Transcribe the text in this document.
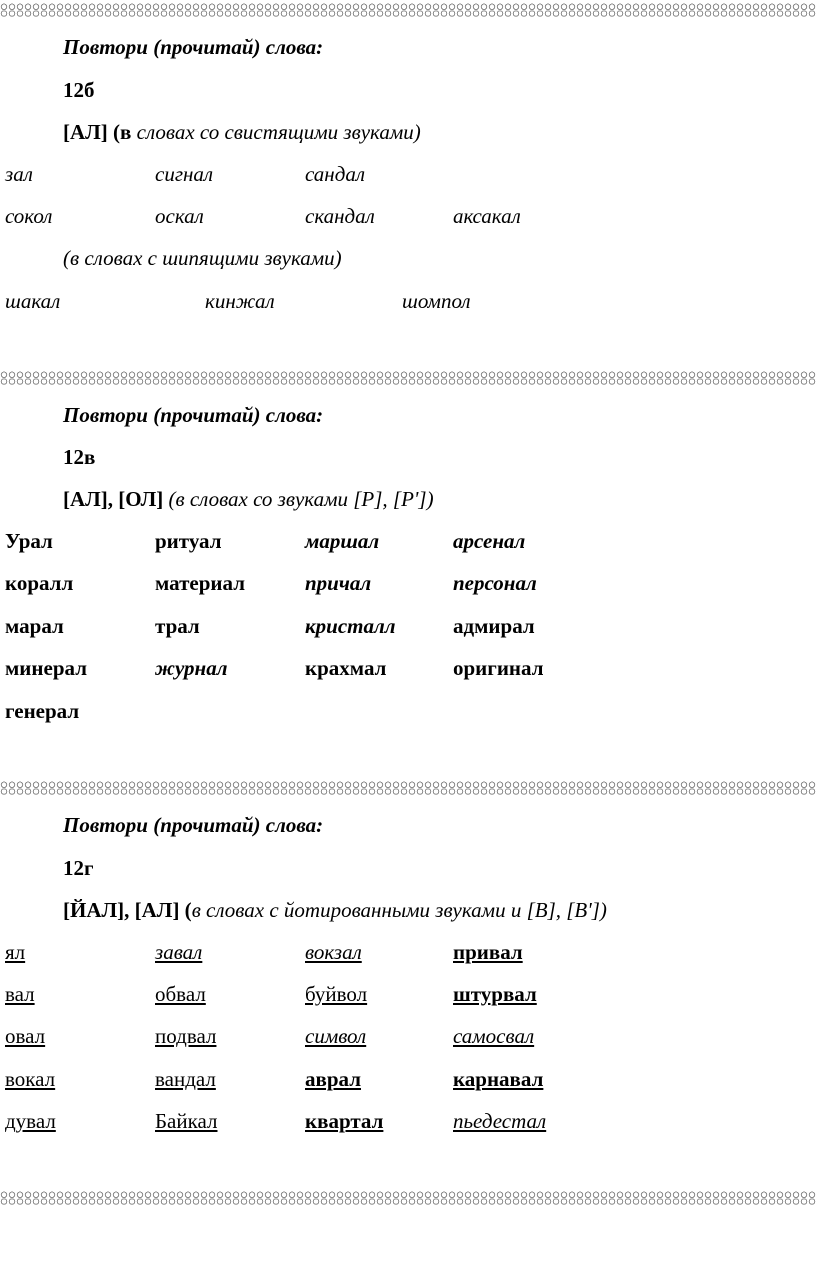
Повтори (прочитай) слова:
12б
[АЛ] (в словах со свистящими звуками)
зал	сигнал	сандал
сокол	оскал	скандал	аксакал
(в словах с шипящими звуками)
шакал	кинжал	шомпол
Повтори (прочитай) слова:
12в
[АЛ], [ОЛ] (в словах со звуками [Р], [Р'])
Урал	ритуал	маршал	арсенал
коралл	материал	причал	персонал
марал	трал	кристалл	адмирал
минерал	журнал	крахмал	оригинал
генерал
Повтори (прочитай) слова:
12г
[ЙАЛ], [АЛ] (в словах с йотированными звуками и [В], [В'])
ял	завал	вокзал	привал
вал	обвал	буйвол	штурвал
овал	подвал	символ	самосвал
вокал	вандал	аврал	карнавал
дувал	Байкал	квартал	пьедестал
